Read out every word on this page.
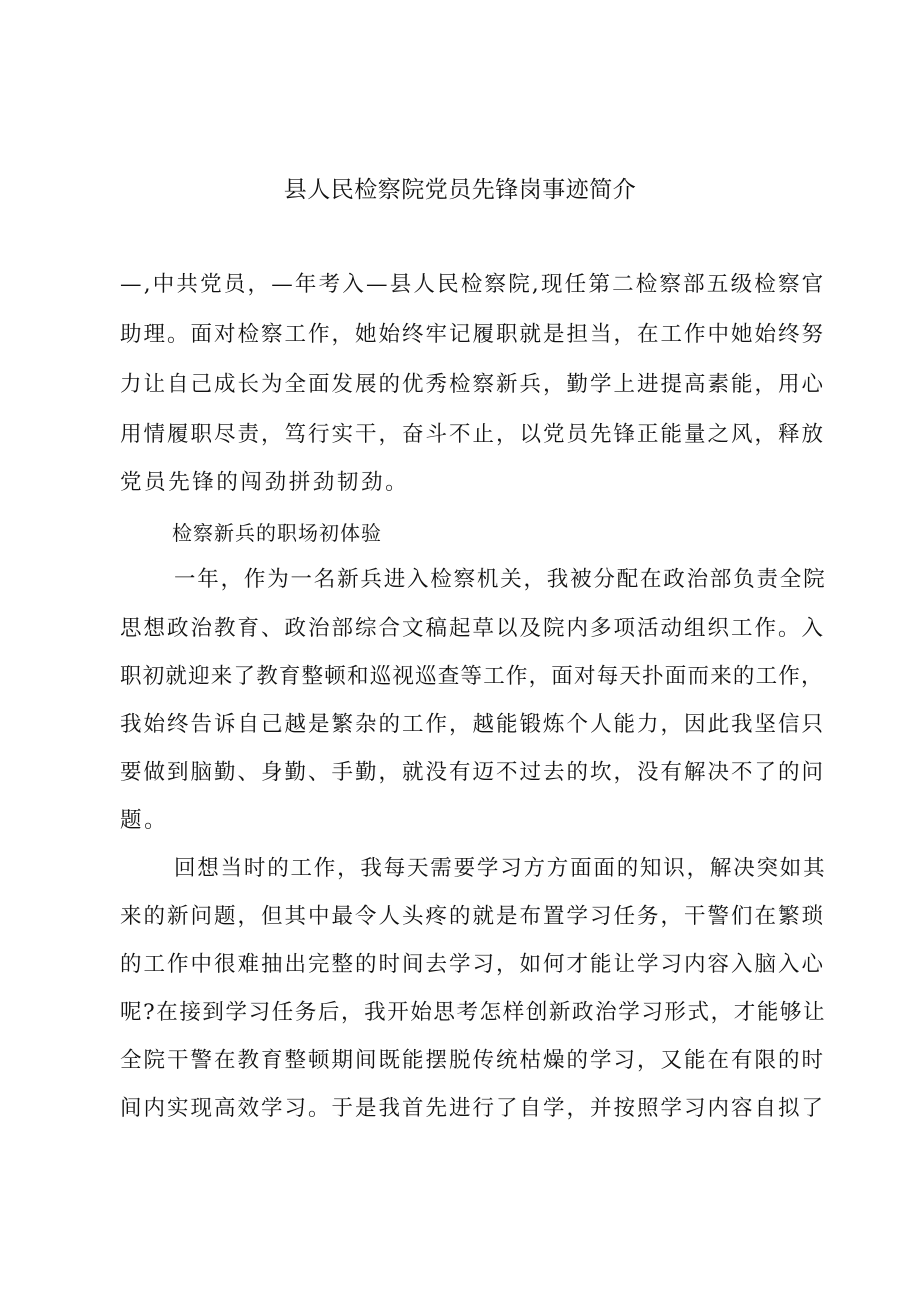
县人民检察院党员先锋岗事迹简介
—,中共党员，—年考入—县人民检察院,现任第二检察部五级检察官
助理。面对检察工作，她始终牢记履职就是担当，在工作中她始终努
力让自己成长为全面发展的优秀检察新兵，勤学上进提高素能，用心
用情履职尽责，笃行实干，奋斗不止，以党员先锋正能量之风，释放
党员先锋的闯劲拼劲韧劲。
检察新兵的职场初体验
一年，作为一名新兵进入检察机关，我被分配在政治部负责全院
思想政治教育、政治部综合文稿起草以及院内多项活动组织工作。入
职初就迎来了教育整顿和巡视巡查等工作，面对每天扑面而来的工作，
我始终告诉自己越是繁杂的工作，越能锻炼个人能力，因此我坚信只
要做到脑勤、身勤、手勤，就没有迈不过去的坎，没有解决不了的问
题。
回想当时的工作，我每天需要学习方方面面的知识，解决突如其
来的新问题，但其中最令人头疼的就是布置学习任务，干警们在繁琐
的工作中很难抽出完整的时间去学习，如何才能让学习内容入脑入心
呢?在接到学习任务后，我开始思考怎样创新政治学习形式，才能够让
全院干警在教育整顿期间既能摆脱传统枯燥的学习，又能在有限的时
间内实现高效学习。于是我首先进行了自学，并按照学习内容自拟了
